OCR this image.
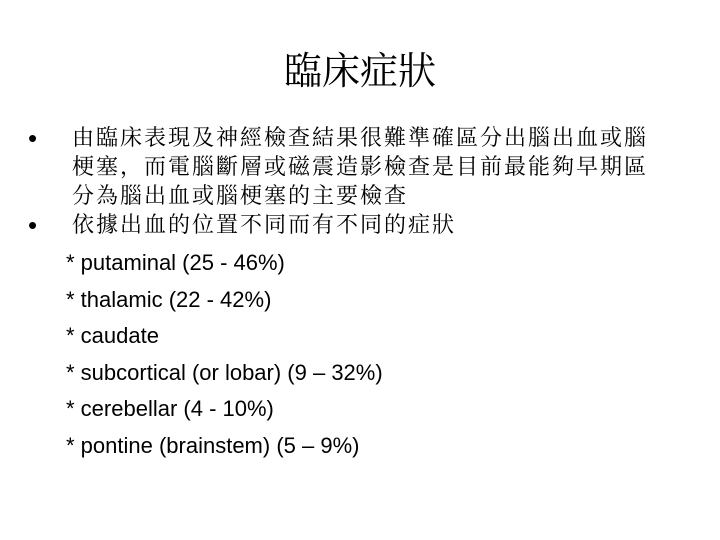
臨床症狀
• 由臨床表現及神經檢查結果很難準確區分出腦出血或腦梗塞，而電腦斷層或磁震造影檢查是目前最能夠早期區分為腦出血或腦梗塞的主要檢查
• 依據出血的位置不同而有不同的症狀
* putaminal (25 - 46%)
* thalamic (22 - 42%)
* caudate
* subcortical (or lobar) (9 – 32%)
* cerebellar (4 - 10%)
* pontine (brainstem) (5 – 9%)
